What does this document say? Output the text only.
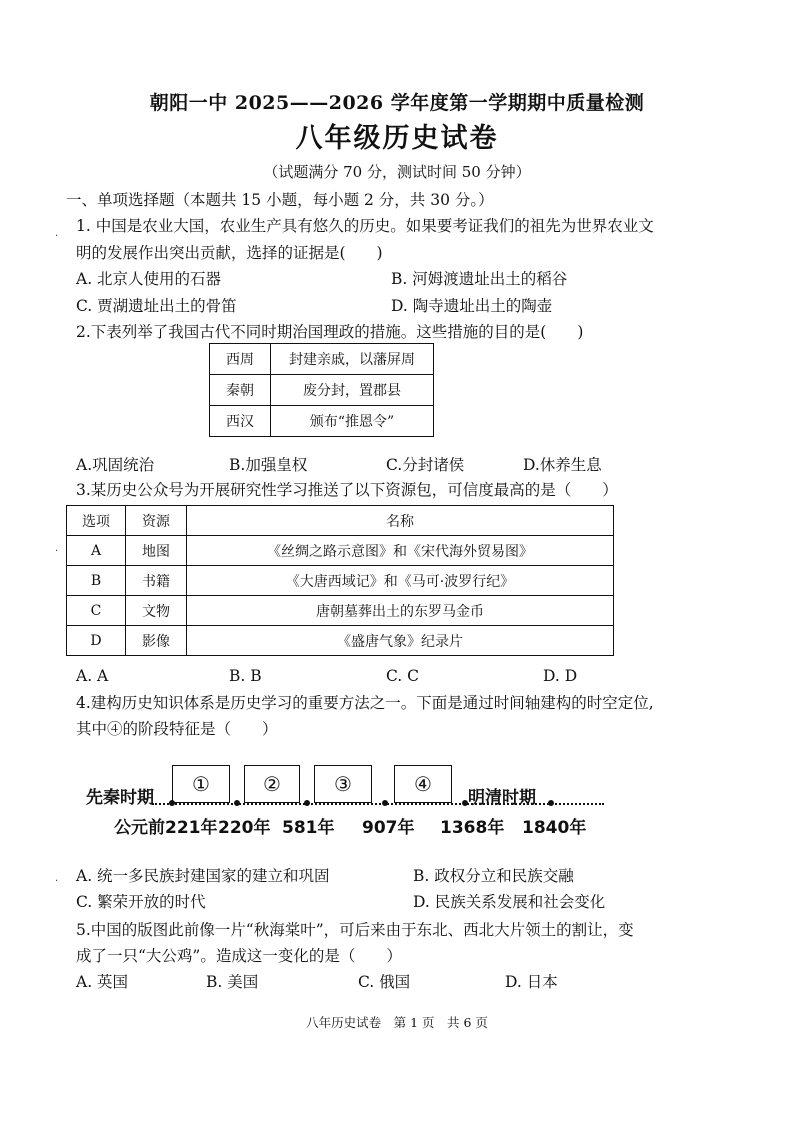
朝阳一中 2025——2026 学年度第一学期期中质量检测
八年级历史试卷
（试题满分 70 分，测试时间 50 分钟）
一、单项选择题（本题共 15 小题，每小题 2 分，共 30 分。）
1. 中国是农业大国，农业生产具有悠久的历史。如果要考证我们的祖先为世界农业文
明的发展作出突出贡献，选择的证据是(　　)
A. 北京人使用的石器	B. 河姆渡遗址出土的稻谷
C. 贾湖遗址出土的骨笛	D. 陶寺遗址出土的陶壶
2.下表列举了我国古代不同时期治国理政的措施。这些措施的目的是(　　)
西周	封建亲戚，以藩屏周
秦朝	废分封，置郡县
西汉	颁布“推恩令”
A.巩固统治	B.加强皇权	C.分封诸侯	D.休养生息
3.某历史公众号为开展研究性学习推送了以下资源包，可信度最高的是（　　）
选项	资源	名称
A	地图	《丝绸之路示意图》和《宋代海外贸易图》
B	书籍	《大唐西域记》和《马可·波罗行纪》
C	文物	唐朝墓葬出土的东罗马金币
D	影像	《盛唐气象》纪录片
A. A	B. B	C. C	D. D
4.建构历史知识体系是历史学习的重要方法之一。下面是通过时间轴建构的时空定位,
其中④的阶段特征是（　　）
先秦时期	明清时期
①	②	③	④
公元前221年 220年 581年 907年 1368年 1840年
A. 统一多民族封建国家的建立和巩固	B. 政权分立和民族交融
C. 繁荣开放的时代	D. 民族关系发展和社会变化
5.中国的版图此前像一片“秋海棠叶”，可后来由于东北、西北大片领土的割让，变
成了一只“大公鸡”。造成这一变化的是（　　）
A. 英国	B. 美国	C. 俄国	D. 日本
八年历史试卷　第 1 页　共 6 页
·
·
·
